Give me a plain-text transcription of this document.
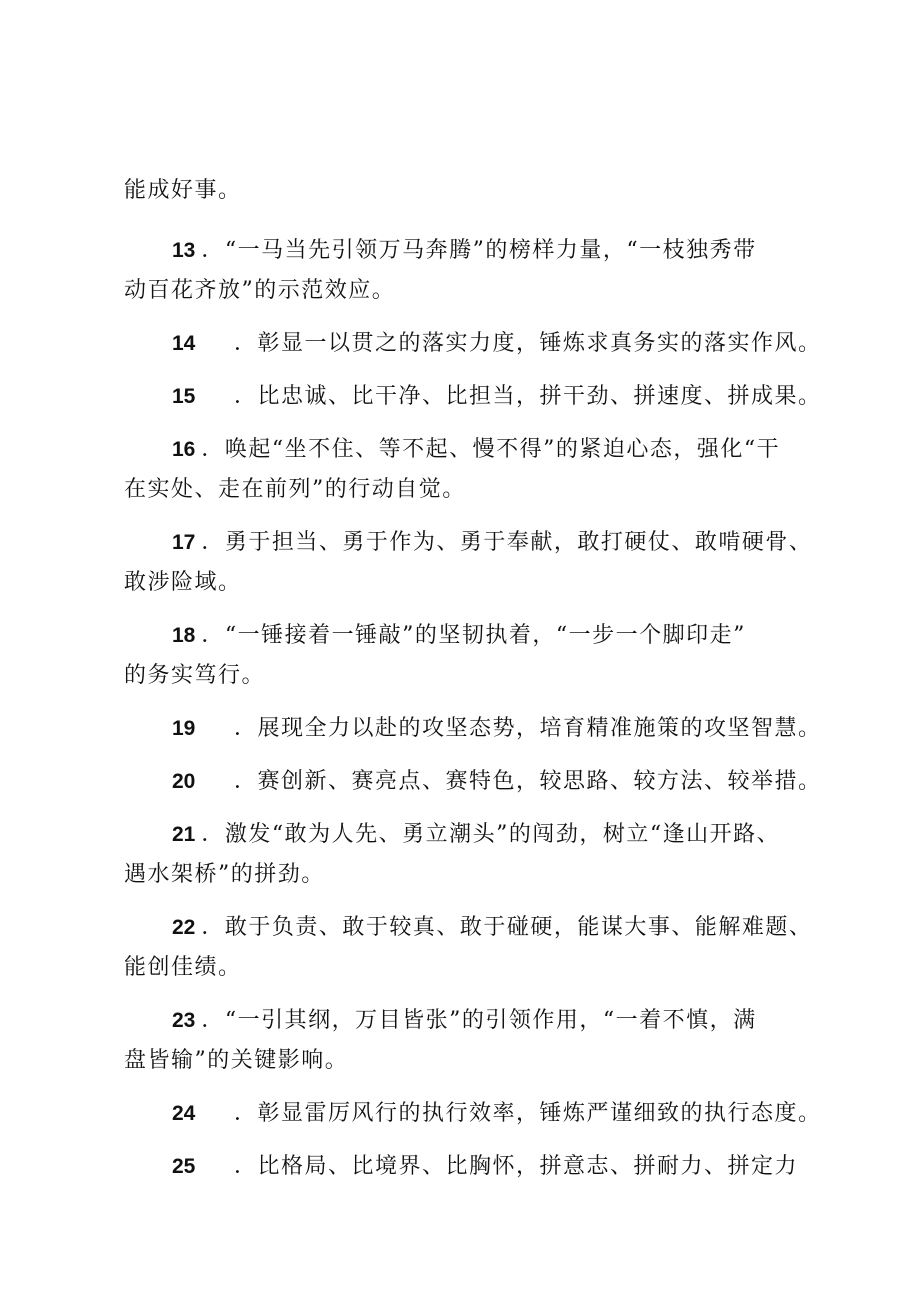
能成好事。
13 ．“一马当先引领万马奔腾”的榜样力量，“一枝独秀带
动百花齐放”的示范效应。
14 ．彰显一以贯之的落实力度，锤炼求真务实的落实作风。
15 ．比忠诚、比干净、比担当，拼干劲、拼速度、拼成果。
16 ．唤起“坐不住、等不起、慢不得”的紧迫心态，强化“干
在实处、走在前列”的行动自觉。
17 ．勇于担当、勇于作为、勇于奉献，敢打硬仗、敢啃硬骨、
敢涉险域。
18 ．“一锤接着一锤敲”的坚韧执着，“一步一个脚印走”
的务实笃行。
19 ．展现全力以赴的攻坚态势，培育精准施策的攻坚智慧。
20 ．赛创新、赛亮点、赛特色，较思路、较方法、较举措。
21 ．激发“敢为人先、勇立潮头”的闯劲，树立“逢山开路、
遇水架桥”的拼劲。
22 ．敢于负责、敢于较真、敢于碰硬，能谋大事、能解难题、
能创佳绩。
23 ．“一引其纲，万目皆张”的引领作用，“一着不慎，满
盘皆输”的关键影响。
24 ．彰显雷厉风行的执行效率，锤炼严谨细致的执行态度。
25 ．比格局、比境界、比胸怀，拼意志、拼耐力、拼定力
